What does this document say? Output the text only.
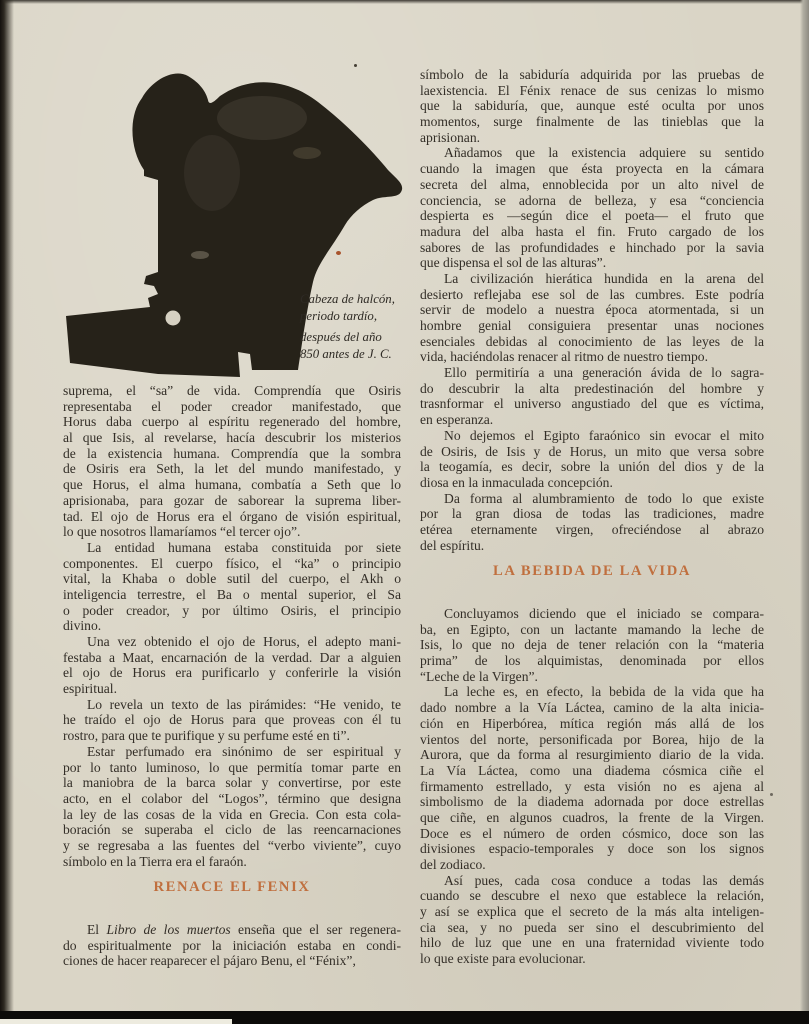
Cabeza de halcón,
periodo tardío,
después del año
850 antes de J. C.
suprema, el “sa” de vida. Comprendía que Osiris
representaba el poder creador manifestado, que
Horus daba cuerpo al espíritu regenerado del hombre,
al que Isis, al revelarse, hacía descubrir los misterios
de la existencia humana. Comprendía que la sombra
de Osiris era Seth, la let del mundo manifestado, y
que Horus, el alma humana, combatía a Seth que lo
aprisionaba, para gozar de saborear la suprema liber-
tad. El ojo de Horus era el órgano de visión espiritual,
lo que nosotros llamaríamos “el tercer ojo”.
La entidad humana estaba constituida por siete
componentes. El cuerpo físico, el “ka” o principio
vital, la Khaba o doble sutil del cuerpo, el Akh o
inteligencia terrestre, el Ba o mental superior, el Sa
o poder creador, y por último Osiris, el principio
divino.
Una vez obtenido el ojo de Horus, el adepto mani-
festaba a Maat, encarnación de la verdad. Dar a alguien
el ojo de Horus era purificarlo y conferirle la visión
espiritual.
Lo revela un texto de las pirámides: “He venido, te
he traído el ojo de Horus para que proveas con él tu
rostro, para que te purifique y su perfume esté en ti”.
Estar perfumado era sinónimo de ser espiritual y
por lo tanto luminoso, lo que permitía tomar parte en
la maniobra de la barca solar y convertirse, por este
acto, en el colabor del “Logos”, término que designa
la ley de las cosas de la vida en Grecia. Con esta cola-
boración se superaba el ciclo de las reencarnaciones
y se regresaba a las fuentes del “verbo viviente”, cuyo
símbolo en la Tierra era el faraón.
RENACE EL FENIX
El Libro de los muertos enseña que el ser regenera-
do espiritualmente por la iniciación estaba en condi-
ciones de hacer reaparecer el pájaro Benu, el “Fénix”,
símbolo de la sabiduría adquirida por las pruebas de
laexistencia. El Fénix renace de sus cenizas lo mismo
que la sabiduría, que, aunque esté oculta por unos
momentos, surge finalmente de las tinieblas que la
aprisionan.
Añadamos que la existencia adquiere su sentido
cuando la imagen que ésta proyecta en la cámara
secreta del alma, ennoblecida por un alto nivel de
conciencia, se adorna de belleza, y esa “conciencia
despierta es —según dice el poeta— el fruto que
madura del alba hasta el fin. Fruto cargado de los
sabores de las profundidades e hinchado por la savia
que dispensa el sol de las alturas”.
La civilización hierática hundida en la arena del
desierto reflejaba ese sol de las cumbres. Este podría
servir de modelo a nuestra época atormentada, si un
hombre genial consiguiera presentar unas nociones
esenciales debidas al conocimiento de las leyes de la
vida, haciéndolas renacer al ritmo de nuestro tiempo.
Ello permitiría a una generación ávida de lo sagra-
do descubrir la alta predestinación del hombre y
trasnformar el universo angustiado del que es víctima,
en esperanza.
No dejemos el Egipto faraónico sin evocar el mito
de Osiris, de Isis y de Horus, un mito que versa sobre
la teogamía, es decir, sobre la unión del dios y de la
diosa en la inmaculada concepción.
Da forma al alumbramiento de todo lo que existe
por la gran diosa de todas las tradiciones, madre
etérea eternamente virgen, ofreciéndose al abrazo
del espíritu.
LA BEBIDA DE LA VIDA
Concluyamos diciendo que el iniciado se compara-
ba, en Egipto, con un lactante mamando la leche de
Isis, lo que no deja de tener relación con la “materia
prima” de los alquimistas, denominada por ellos
“Leche de la Virgen”.
La leche es, en efecto, la bebida de la vida que ha
dado nombre a la Vía Láctea, camino de la alta inicia-
ción en Hiperbórea, mítica región más allá de los
vientos del norte, personificada por Borea, hijo de la
Aurora, que da forma al resurgimiento diario de la vida.
La Vía Láctea, como una diadema cósmica ciñe el
firmamento estrellado, y esta visión no es ajena al
simbolismo de la diadema adornada por doce estrellas
que ciñe, en algunos cuadros, la frente de la Virgen.
Doce es el número de orden cósmico, doce son las
divisiones espacio-temporales y doce son los signos
del zodiaco.
Así pues, cada cosa conduce a todas las demás
cuando se descubre el nexo que establece la relación,
y así se explica que el secreto de la más alta inteligen-
cia sea, y no pueda ser sino el descubrimiento del
hilo de luz que une en una fraternidad viviente todo
lo que existe para evolucionar.
